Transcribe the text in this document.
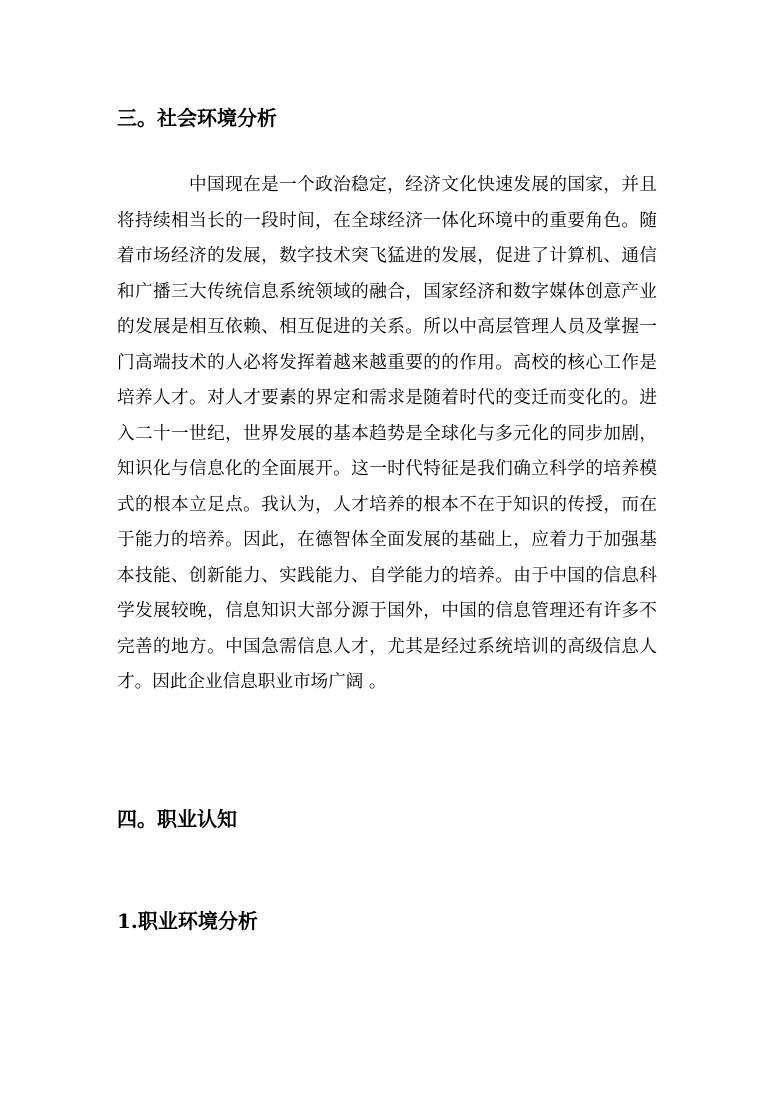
三。社会环境分析

中国现在是一个政治稳定，经济文化快速发展的国家，并且将持续相当长的一段时间，在全球经济一体化环境中的重要角色。随着市场经济的发展，数字技术突飞猛进的发展，促进了计算机、通信和广播三大传统信息系统领域的融合，国家经济和数字媒体创意产业的发展是相互依赖、相互促进的关系。所以中高层管理人员及掌握一门高端技术的人必将发挥着越来越重要的的作用。高校的核心工作是培养人才。对人才要素的界定和需求是随着时代的变迁而变化的。进入二十一世纪，世界发展的基本趋势是全球化与多元化的同步加剧，知识化与信息化的全面展开。这一时代特征是我们确立科学的培养模式的根本立足点。我认为，人才培养的根本不在于知识的传授，而在于能力的培养。因此，在德智体全面发展的基础上，应着力于加强基本技能、创新能力、实践能力、自学能力的培养。由于中国的信息科学发展较晚，信息知识大部分源于国外，中国的信息管理还有许多不完善的地方。中国急需信息人才，尤其是经过系统培训的高级信息人才。因此企业信息职业市场广阔 。

四。职业认知
1.职业环境分析
